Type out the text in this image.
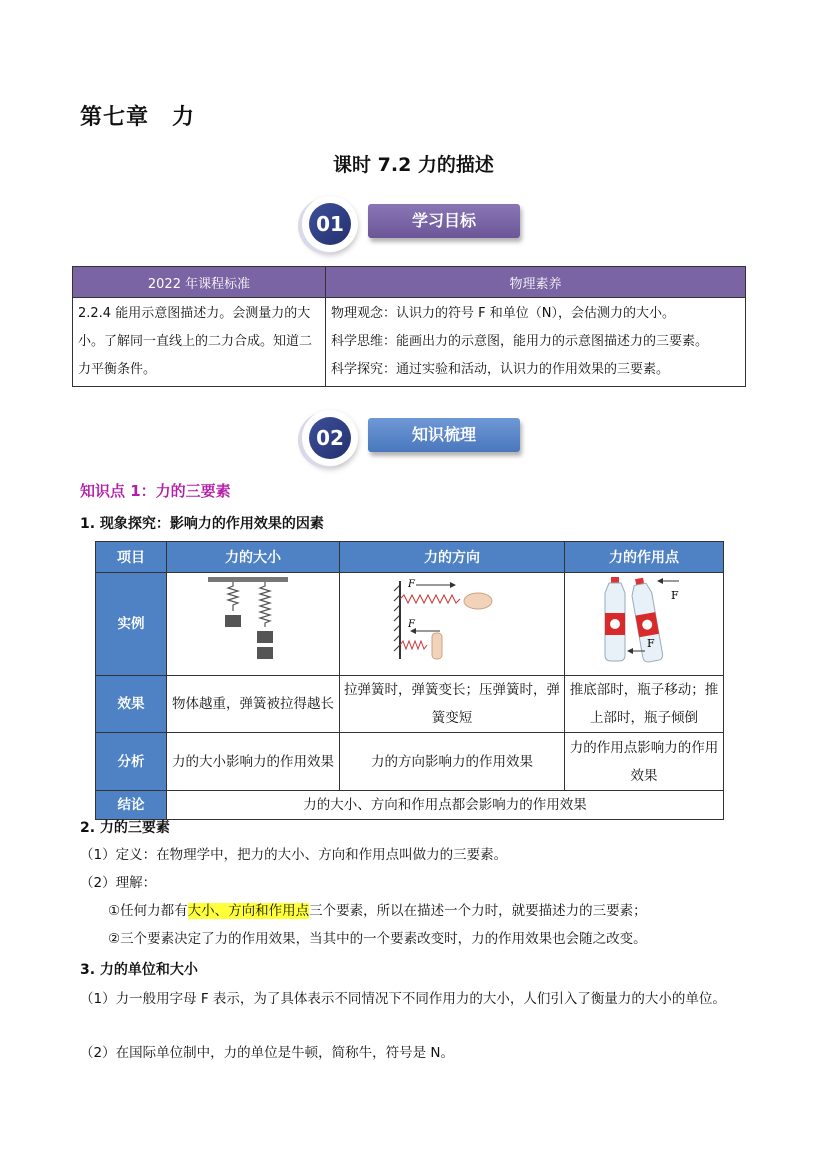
第七章　力
课时 7.2 力的描述
01	学习目标
2022 年课程标准	物理素养
2.2.4 能用示意图描述力。会测量力的大小。了解同一直线上的二力合成。知道二力平衡条件。	物理观念：认识力的符号 F 和单位（N），会估测力的大小。
科学思维：能画出力的示意图，能用力的示意图描述力的三要素。
科学探究：通过实验和活动，认识力的作用效果的三要素。
02	知识梳理
知识点 1：力的三要素
1. 现象探究：影响力的作用效果的因素
项目	力的大小	力的方向	力的作用点
实例		F
F	F
F

效果	物体越重，弹簧被拉得越长	拉弹簧时，弹簧变长；压弹簧时，弹簧变短	推底部时，瓶子移动；推上部时，瓶子倾倒
分析	力的大小影响力的作用效果	力的方向影响力的作用效果	力的作用点影响力的作用效果
结论	力的大小、方向和作用点都会影响力的作用效果		
2. 力的三要素
（1）定义：在物理学中，把力的大小、方向和作用点叫做力的三要素。
（2）理解：
①任何力都有大小、方向和作用点三个要素，所以在描述一个力时，就要描述力的三要素；
②三个要素决定了力的作用效果，当其中的一个要素改变时，力的作用效果也会随之改变。
3. 力的单位和大小
（1）力一般用字母 F 表示，为了具体表示不同情况下不同作用力的大小，人们引入了衡量力的大小的单位。
（2）在国际单位制中，力的单位是牛顿，简称牛，符号是 N。
